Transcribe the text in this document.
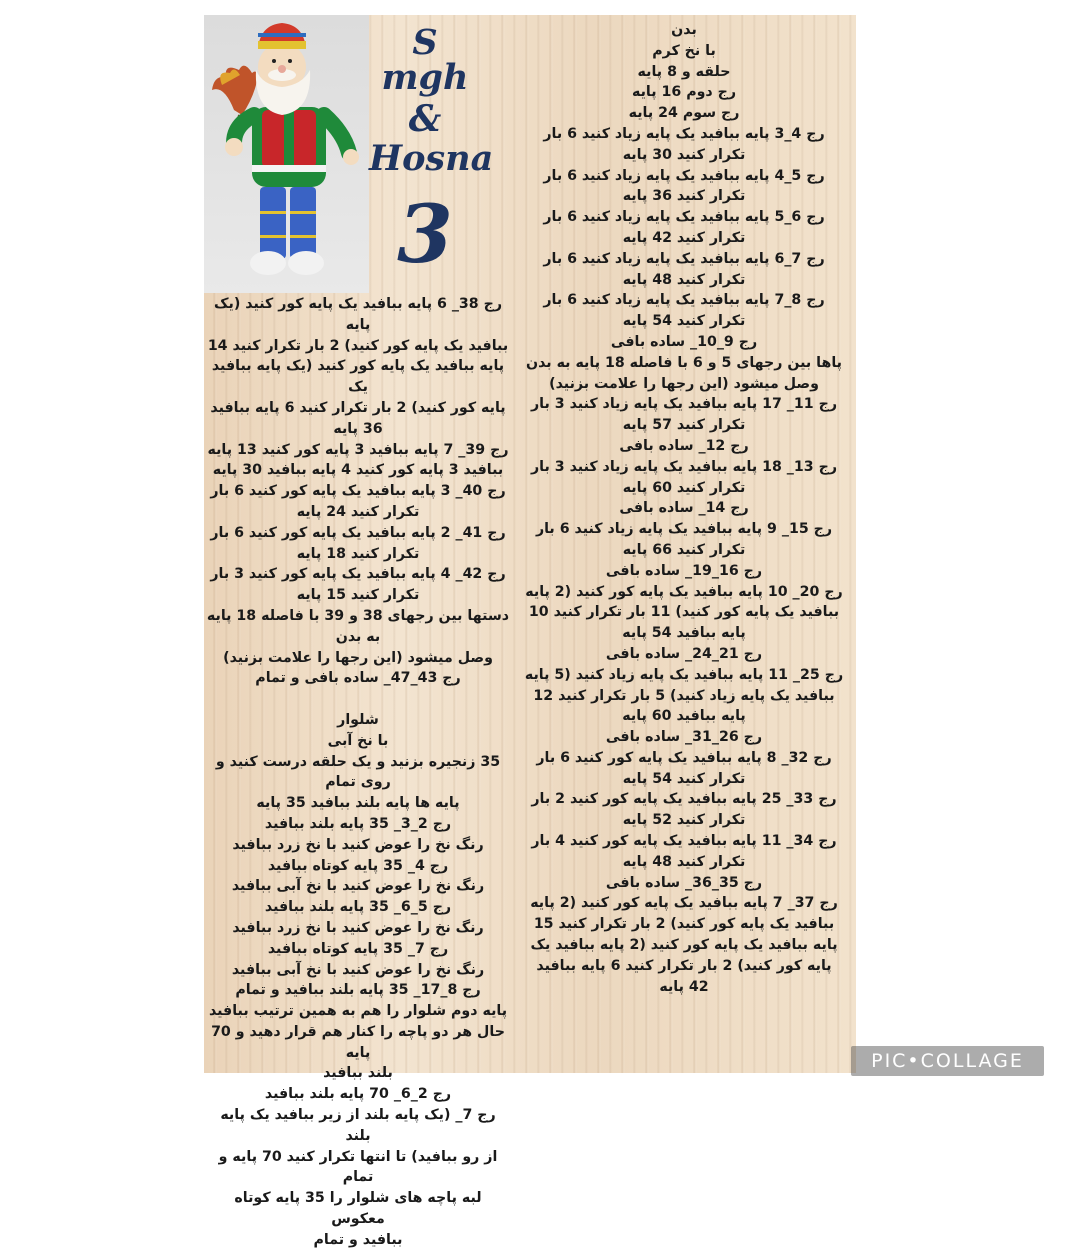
S mgh
&
Hosna
3

بدن

با نخ کرم

حلقه و 8 پایه

رج دوم 16 پایه

رج سوم 24 پایه

رج 4_3 پایه ببافید یک پایه زیاد کنید 6 بار

تکرار کنید 30 پایه

رج 5_4 پایه ببافید یک پایه زیاد کنید 6 بار

تکرار کنید 36 پایه

رج 6_5 پایه ببافید یک پایه زیاد کنید 6 بار

تکرار کنید 42 پایه

رج 7_6 پایه ببافید یک پایه زیاد کنید 6 بار

تکرار کنید 48 پایه

رج 8_7 پایه ببافید یک پایه زیاد کنید 6 بار

تکرار کنید 54 پایه

رج 9_10_ ساده بافی

پاها بین رجهای 5 و 6 با فاصله 18 پایه به بدن

وصل میشود (این رجها را علامت بزنید)

رج 11_ 17 پایه ببافید یک پایه زیاد کنید 3 بار

تکرار کنید 57 پایه

رج 12_ ساده بافی

رج 13_ 18 پایه ببافید یک پایه زیاد کنید 3 بار

تکرار کنید 60 پایه

رج 14_ ساده بافی

رج 15_ 9 پایه ببافید یک پایه زیاد کنید 6 بار

تکرار کنید 66 پایه

رج 16_19_ ساده بافی

رج 20_ 10 پایه ببافید یک پایه کور کنید (2 پایه

ببافید یک پایه کور کنید) 11 بار تکرار کنید 10

پایه ببافید 54 پایه

رج 21_24_ ساده بافی

رج 25_ 11 پایه ببافید یک پایه زیاد کنید (5 پایه

ببافید یک پایه زیاد کنید) 5 بار تکرار کنید 12

پایه ببافید 60 پایه

رج 26_31_ ساده بافی

رج 32_ 8 پایه ببافید یک پایه کور کنید 6 بار

تکرار کنید 54 پایه

رج 33_ 25 پایه ببافید یک پایه کور کنید 2 بار

تکرار کنید 52 پایه

رج 34_ 11 پایه ببافید یک پایه کور کنید 4 بار

تکرار کنید 48 پایه

رج 35_36_ ساده بافی

رج 37_ 7 پایه ببافید یک پایه کور کنید (2 پایه

ببافید یک پایه کور کنید) 2 بار تکرار کنید 15

پایه ببافید یک پایه کور کنید (2 پایه ببافید یک

پایه کور کنید) 2 بار تکرار کنید 6 پایه ببافید

42 پایه

رج 38_ 6 پایه ببافید یک پایه کور کنید (یک پایه

ببافید یک پایه کور کنید) 2 بار تکرار کنید 14

پایه ببافید یک پایه کور کنید (یک پایه ببافید یک

پایه کور کنید) 2 بار تکرار کنید 6 پایه ببافید

36 پایه

رج 39_ 7 پایه ببافید 3 پایه کور کنید 13 پایه

ببافید 3 پایه کور کنید 4 پایه ببافید 30 پایه

رج 40_ 3 پایه ببافید یک پایه کور کنید 6 بار

تکرار کنید 24 پایه

رج 41_ 2 پایه ببافید یک پایه کور کنید 6 بار

تکرار کنید 18 پایه

رج 42_ 4 پایه ببافید یک پایه کور کنید 3 بار

تکرار کنید 15 پایه

دستها بین رجهای 38 و 39 با فاصله 18 پایه به بدن

وصل میشود (این رجها را علامت بزنید)

رج 43_47_ ساده بافی و تمام

شلوار

با نخ آبی

35 زنجیره بزنید و یک حلقه درست کنید و روی تمام

پایه ها پایه بلند ببافید 35 پایه

رج 2_3_ 35 پایه بلند ببافید

رنگ نخ را عوض کنید با نخ زرد ببافید

رج 4_ 35 پایه کوتاه ببافید

رنگ نخ را عوض کنید با نخ آبی ببافید

رج 5_6_ 35 پایه بلند ببافید

رنگ نخ را عوض کنید با نخ زرد ببافید

رج 7_ 35 پایه کوتاه ببافید

رنگ نخ را عوض کنید با نخ آبی ببافید

رج 8_17_ 35 پایه بلند ببافید و تمام

پایه دوم شلوار را هم به همین ترتیب ببافید

حال هر دو پاچه را کنار هم قرار دهید و 70 پایه

بلند ببافید

رج 2_6_ 70 پایه بلند ببافید

رج 7_ (یک پایه بلند از زیر ببافید یک پایه بلند

از رو ببافید) تا انتها تکرار کنید 70 پایه و

تمام

لبه پاچه های شلوار را 35 پایه کوتاه معکوس

ببافید و تمام

PIC•COLLAGE
